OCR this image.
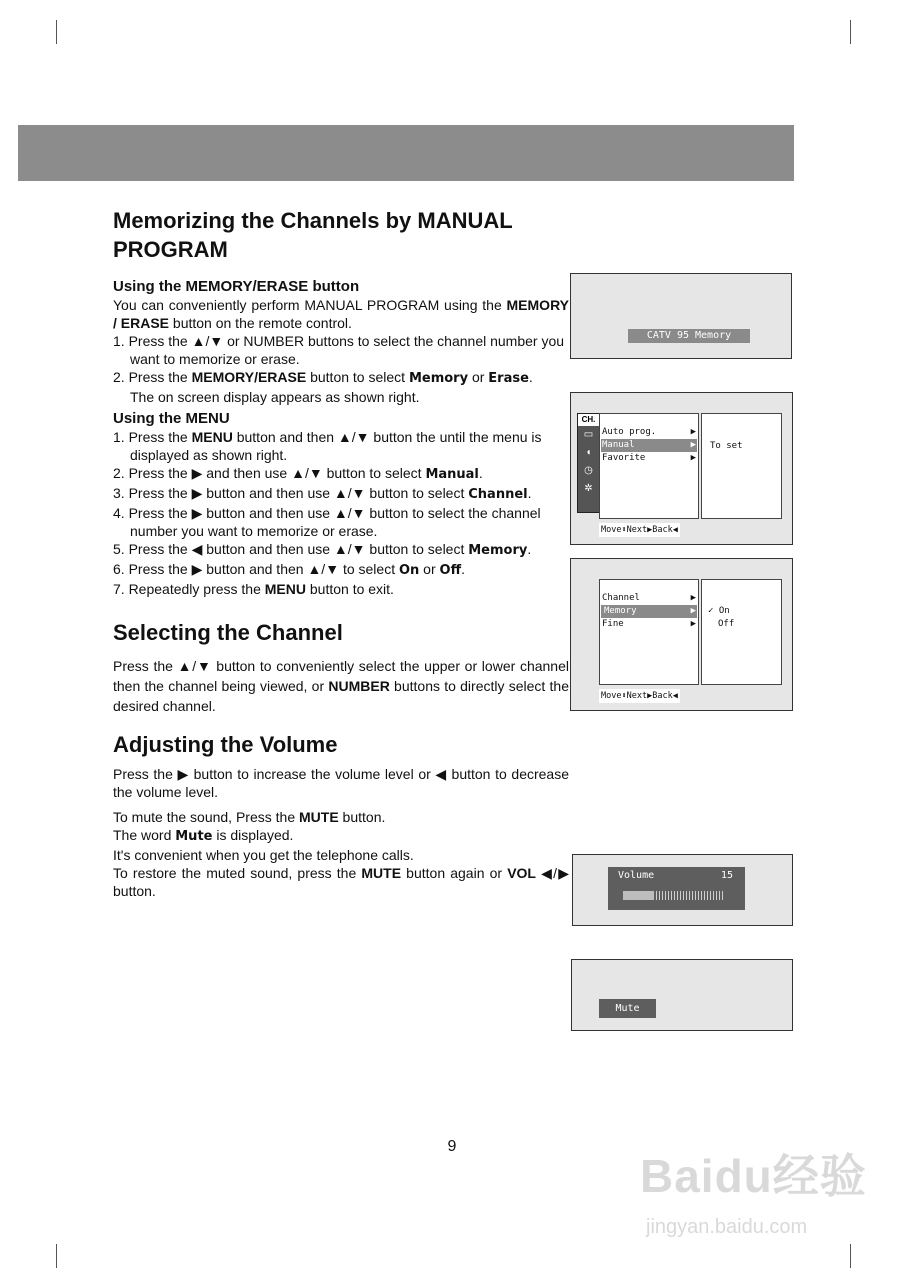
Memorizing the Channels by MANUAL PROGRAM

Using the MEMORY/ERASE button

You can conveniently perform MANUAL PROGRAM using the MEMORY / ERASE button on the remote control.

1. Press the ▲/▼ or NUMBER buttons to select the channel number you want to memorize or erase.

2. Press the MEMORY/ERASE button to select Memory or Erase.

The on screen display appears as shown right.

Using the MENU

1. Press the MENU button and then ▲/▼ button the until the menu is displayed as shown right.

2. Press the ▶ and then use ▲/▼ button to select Manual.

3. Press the ▶ button and then use ▲/▼ button to select Channel.

4. Press the ▶ button and then use ▲/▼ button to select the channel number you want to memorize or erase.

5. Press the ◀ button and then use ▲/▼ button to select Memory.

6. Press the ▶ button and then ▲/▼ to select On or Off.

7. Repeatedly press the MENU button to exit.

Selecting the Channel
Press the ▲/▼ button to conveniently select the upper or lower channel then the channel being viewed, or NUMBER buttons to directly select the desired channel.
Adjusting the Volume
Press the ▶ button to increase the volume level or ◀ button to decrease the volume level.

To mute the sound, Press the MUTE button.

The word Mute is displayed.

It's convenient when you get the telephone calls.

To restore the muted sound, press the MUTE button again or VOL ◀/▶ button.

CATV 95 Memory
CH.
▭
◖
◷
✲
Auto prog.	▶
Manual	▶
Favorite	▶
To set
Move⬍Next▶Back◀
Channel	▶
Memory	▶
Fine	▶
✓ On
Off
Move⬍Next▶Back◀
Volume	15
Mute
9
Baidu经验
jingyan.baidu.com
